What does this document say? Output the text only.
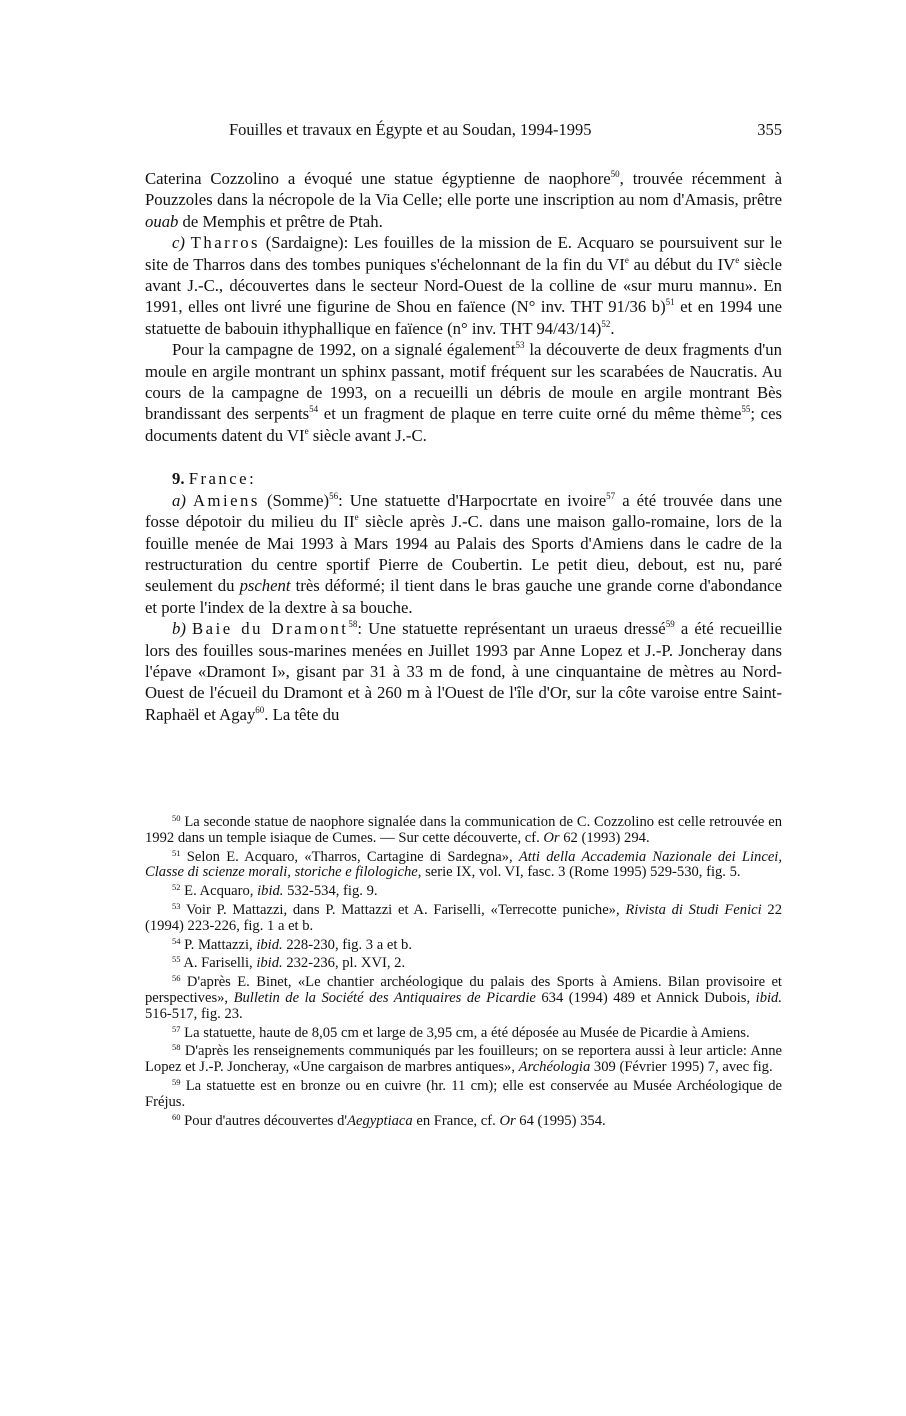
Fouilles et travaux en Égypte et au Soudan, 1994-1995	355

Caterina Cozzolino a évoqué une statue égyptienne de naophore$^{50}$, trouvée récemment à Pouzzoles dans la nécropole de la Via Celle; elle porte une inscription au nom d'Amasis, prêtre ouab de Memphis et prêtre de Ptah.

c) Tharros (Sardaigne): Les fouilles de la mission de E. Acquaro se poursuivent sur le site de Tharros dans des tombes puniques s'échelonnant de la fin du VIe au début du IVe siècle avant J.-C., découvertes dans le secteur Nord-Ouest de la colline de «sur muru mannu». En 1991, elles ont livré une figurine de Shou en faïence (N° inv. THT 91/36 b)$^{51}$ et en 1994 une statuette de babouin ithyphallique en faïence (n° inv. THT 94/43/14)$^{52}$.

Pour la campagne de 1992, on a signalé également$^{53}$ la découverte de deux fragments d'un moule en argile montrant un sphinx passant, motif fréquent sur les scarabées de Naucratis. Au cours de la campagne de 1993, on a recueilli un débris de moule en argile montrant Bès brandissant des serpents$^{54}$ et un fragment de plaque en terre cuite orné du même thème$^{55}$; ces documents datent du VIe siècle avant J.-C.

9. France:

a) Amiens (Somme)$^{56}$: Une statuette d'Harpocrtate en ivoire$^{57}$ a été trouvée dans une fosse dépotoir du milieu du IIe siècle après J.-C. dans une maison gallo-romaine, lors de la fouille menée de Mai 1993 à Mars 1994 au Palais des Sports d'Amiens dans le cadre de la restructuration du centre sportif Pierre de Coubertin. Le petit dieu, debout, est nu, paré seulement du pschent très déformé; il tient dans le bras gauche une grande corne d'abondance et porte l'index de la dextre à sa bouche.

b) Baie du Dramont$^{58}$: Une statuette représentant un uraeus dressé$^{59}$ a été recueillie lors des fouilles sous-marines menées en Juillet 1993 par Anne Lopez et J.-P. Joncheray dans l'épave «Dramont I», gisant par 31 à 33 m de fond, à une cinquantaine de mètres au Nord-Ouest de l'écueil du Dramont et à 260 m à l'Ouest de l'île d'Or, sur la côte varoise entre Saint-Raphaël et Agay$^{60}$. La tête du

$^{50}$ La seconde statue de naophore signalée dans la communication de C. Cozzolino est celle retrouvée en 1992 dans un temple isiaque de Cumes. — Sur cette découverte, cf. Or 62 (1993) 294.

$^{51}$ Selon E. Acquaro, «Tharros, Cartagine di Sardegna», Atti della Accademia Nazionale dei Lincei, Classe di scienze morali, storiche e filologiche, serie IX, vol. VI, fasc. 3 (Rome 1995) 529-530, fig. 5.

$^{52}$ E. Acquaro, ibid. 532-534, fig. 9.

$^{53}$ Voir P. Mattazzi, dans P. Mattazzi et A. Fariselli, «Terrecotte puniche», Rivista di Studi Fenici 22 (1994) 223-226, fig. 1 a et b.

$^{54}$ P. Mattazzi, ibid. 228-230, fig. 3 a et b.

$^{55}$ A. Fariselli, ibid. 232-236, pl. XVI, 2.

$^{56}$ D'après E. Binet, «Le chantier archéologique du palais des Sports à Amiens. Bilan provisoire et perspectives», Bulletin de la Société des Antiquaires de Picardie 634 (1994) 489 et Annick Dubois, ibid. 516-517, fig. 23.

$^{57}$ La statuette, haute de 8,05 cm et large de 3,95 cm, a été déposée au Musée de Picardie à Amiens.

$^{58}$ D'après les renseignements communiqués par les fouilleurs; on se reportera aussi à leur article: Anne Lopez et J.-P. Joncheray, «Une cargaison de marbres antiques», Archéologia 309 (Février 1995) 7, avec fig.

$^{59}$ La statuette est en bronze ou en cuivre (hr. 11 cm); elle est conservée au Musée Archéologique de Fréjus.

$^{60}$ Pour d'autres découvertes d'Aegyptiaca en France, cf. Or 64 (1995) 354.
